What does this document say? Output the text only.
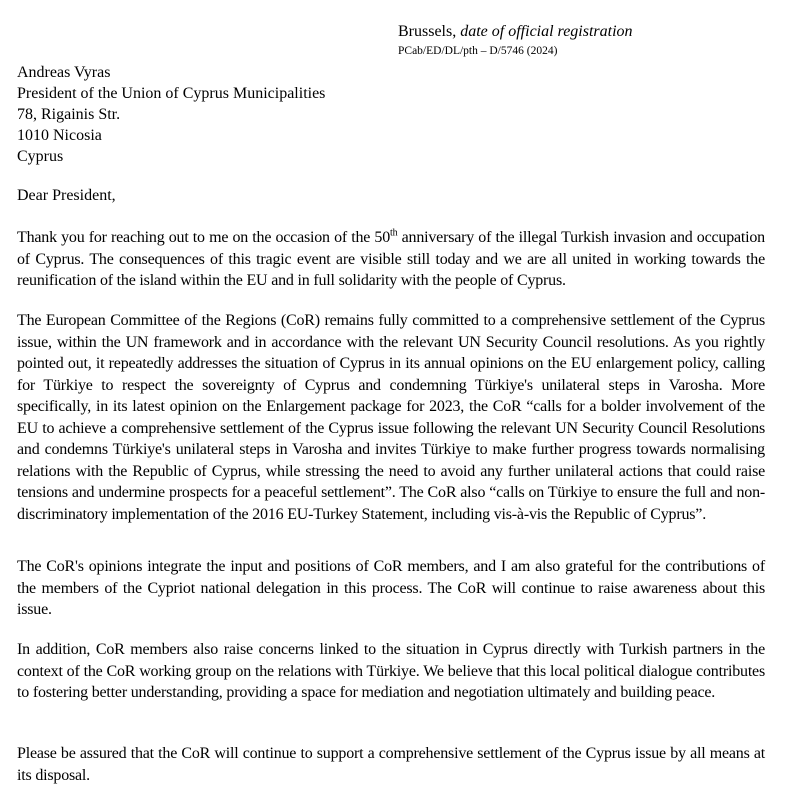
Brussels, date of official registration
PCab/ED/DL/pth – D/5746 (2024)
Andreas Vyras
President of the Union of Cyprus Municipalities
78, Rigainis Str.
1010 Nicosia
Cyprus
Dear President,
Thank you for reaching out to me on the occasion of the 50th anniversary of the illegal Turkish invasion and occupation of Cyprus. The consequences of this tragic event are visible still today and we are all united in working towards the reunification of the island within the EU and in full solidarity with the people of Cyprus.
The European Committee of the Regions (CoR) remains fully committed to a comprehensive settlement of the Cyprus issue, within the UN framework and in accordance with the relevant UN Security Council resolutions. As you rightly pointed out, it repeatedly addresses the situation of Cyprus in its annual opinions on the EU enlargement policy, calling for Türkiye to respect the sovereignty of Cyprus and condemning Türkiye's unilateral steps in Varosha. More specifically, in its latest opinion on the Enlargement package for 2023, the CoR “calls for a bolder involvement of the EU to achieve a comprehensive settlement of the Cyprus issue following the relevant UN Security Council Resolutions and condemns Türkiye's unilateral steps in Varosha and invites Türkiye to make further progress towards normalising relations with the Republic of Cyprus, while stressing the need to avoid any further unilateral actions that could raise tensions and undermine prospects for a peaceful settlement”. The CoR also “calls on Türkiye to ensure the full and non-discriminatory implementation of the 2016 EU-Turkey Statement, including vis-à-vis the Republic of Cyprus”.
The CoR's opinions integrate the input and positions of CoR members, and I am also grateful for the contributions of the members of the Cypriot national delegation in this process. The CoR will continue to raise awareness about this issue.
In addition, CoR members also raise concerns linked to the situation in Cyprus directly with Turkish partners in the context of the CoR working group on the relations with Türkiye. We believe that this local political dialogue contributes to fostering better understanding, providing a space for mediation and negotiation ultimately and building peace.
Please be assured that the CoR will continue to support a comprehensive settlement of the Cyprus issue by all means at its disposal.
